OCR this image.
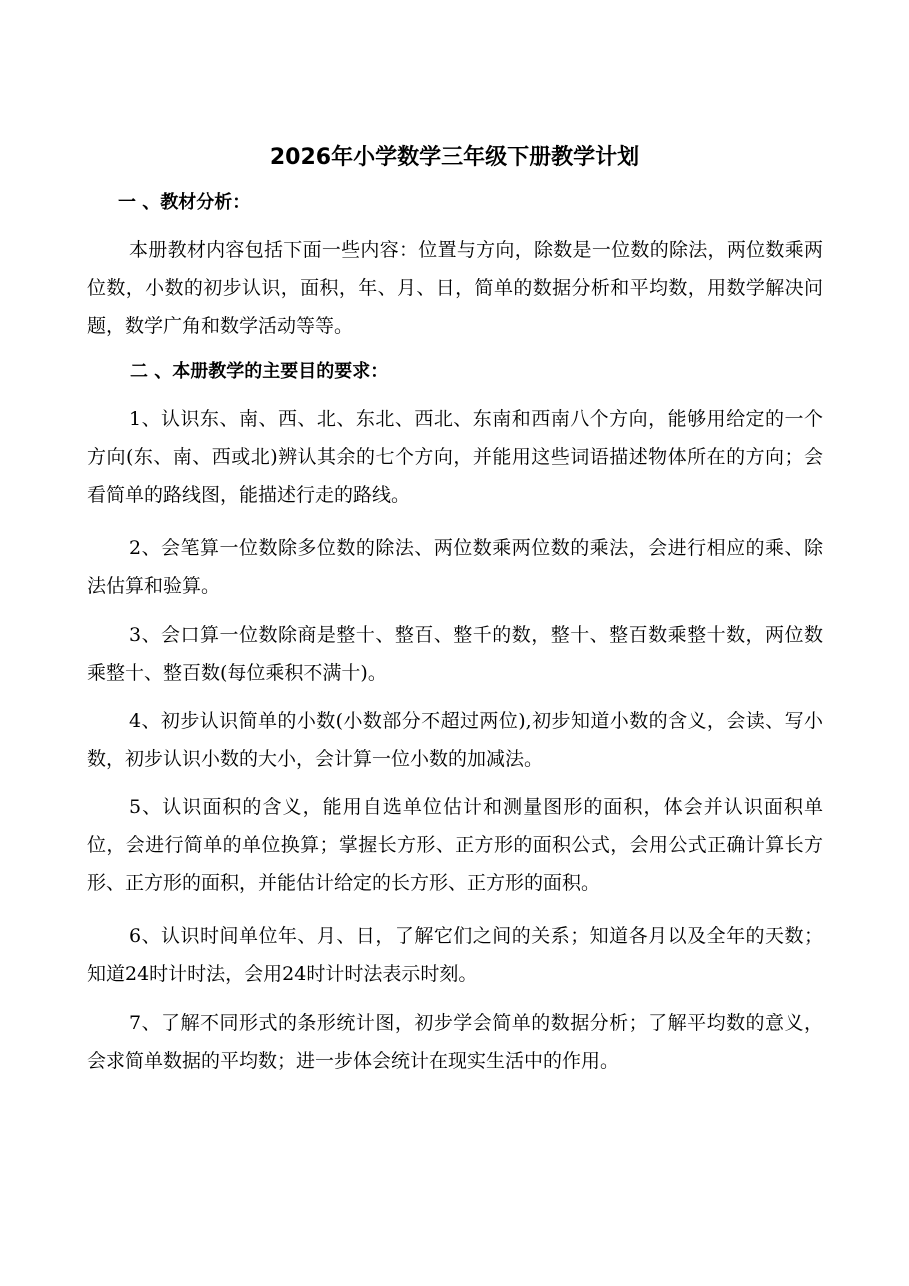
2026年小学数学三年级下册教学计划
一 、教材分析：

本册教材内容包括下面一些内容：位置与方向，除数是一位数的除法，两位数乘两位数，小数的初步认识，面积，年、月、日，简单的数据分析和平均数，用数学解决问题，数学广角和数学活动等等。

二 、本册教学的主要目的要求：

1、认识东、南、西、北、东北、西北、东南和西南八个方向，能够用给定的一个方向(东、南、西或北)辨认其余的七个方向，并能用这些词语描述物体所在的方向；会看简单的路线图，能描述行走的路线。

2、会笔算一位数除多位数的除法、两位数乘两位数的乘法，会进行相应的乘、除法估算和验算。

3、会口算一位数除商是整十、整百、整千的数，整十、整百数乘整十数，两位数乘整十、整百数(每位乘积不满十)。

4、初步认识简单的小数(小数部分不超过两位),初步知道小数的含义，会读、写小数，初步认识小数的大小，会计算一位小数的加减法。

5、认识面积的含义，能用自选单位估计和测量图形的面积，体会并认识面积单位，会进行简单的单位换算；掌握长方形、正方形的面积公式，会用公式正确计算长方形、正方形的面积，并能估计给定的长方形、正方形的面积。

6、认识时间单位年、月、日，了解它们之间的关系；知道各月以及全年的天数；知道24时计时法，会用24时计时法表示时刻。

7、了解不同形式的条形统计图，初步学会简单的数据分析；了解平均数的意义，会求简单数据的平均数；进一步体会统计在现实生活中的作用。
